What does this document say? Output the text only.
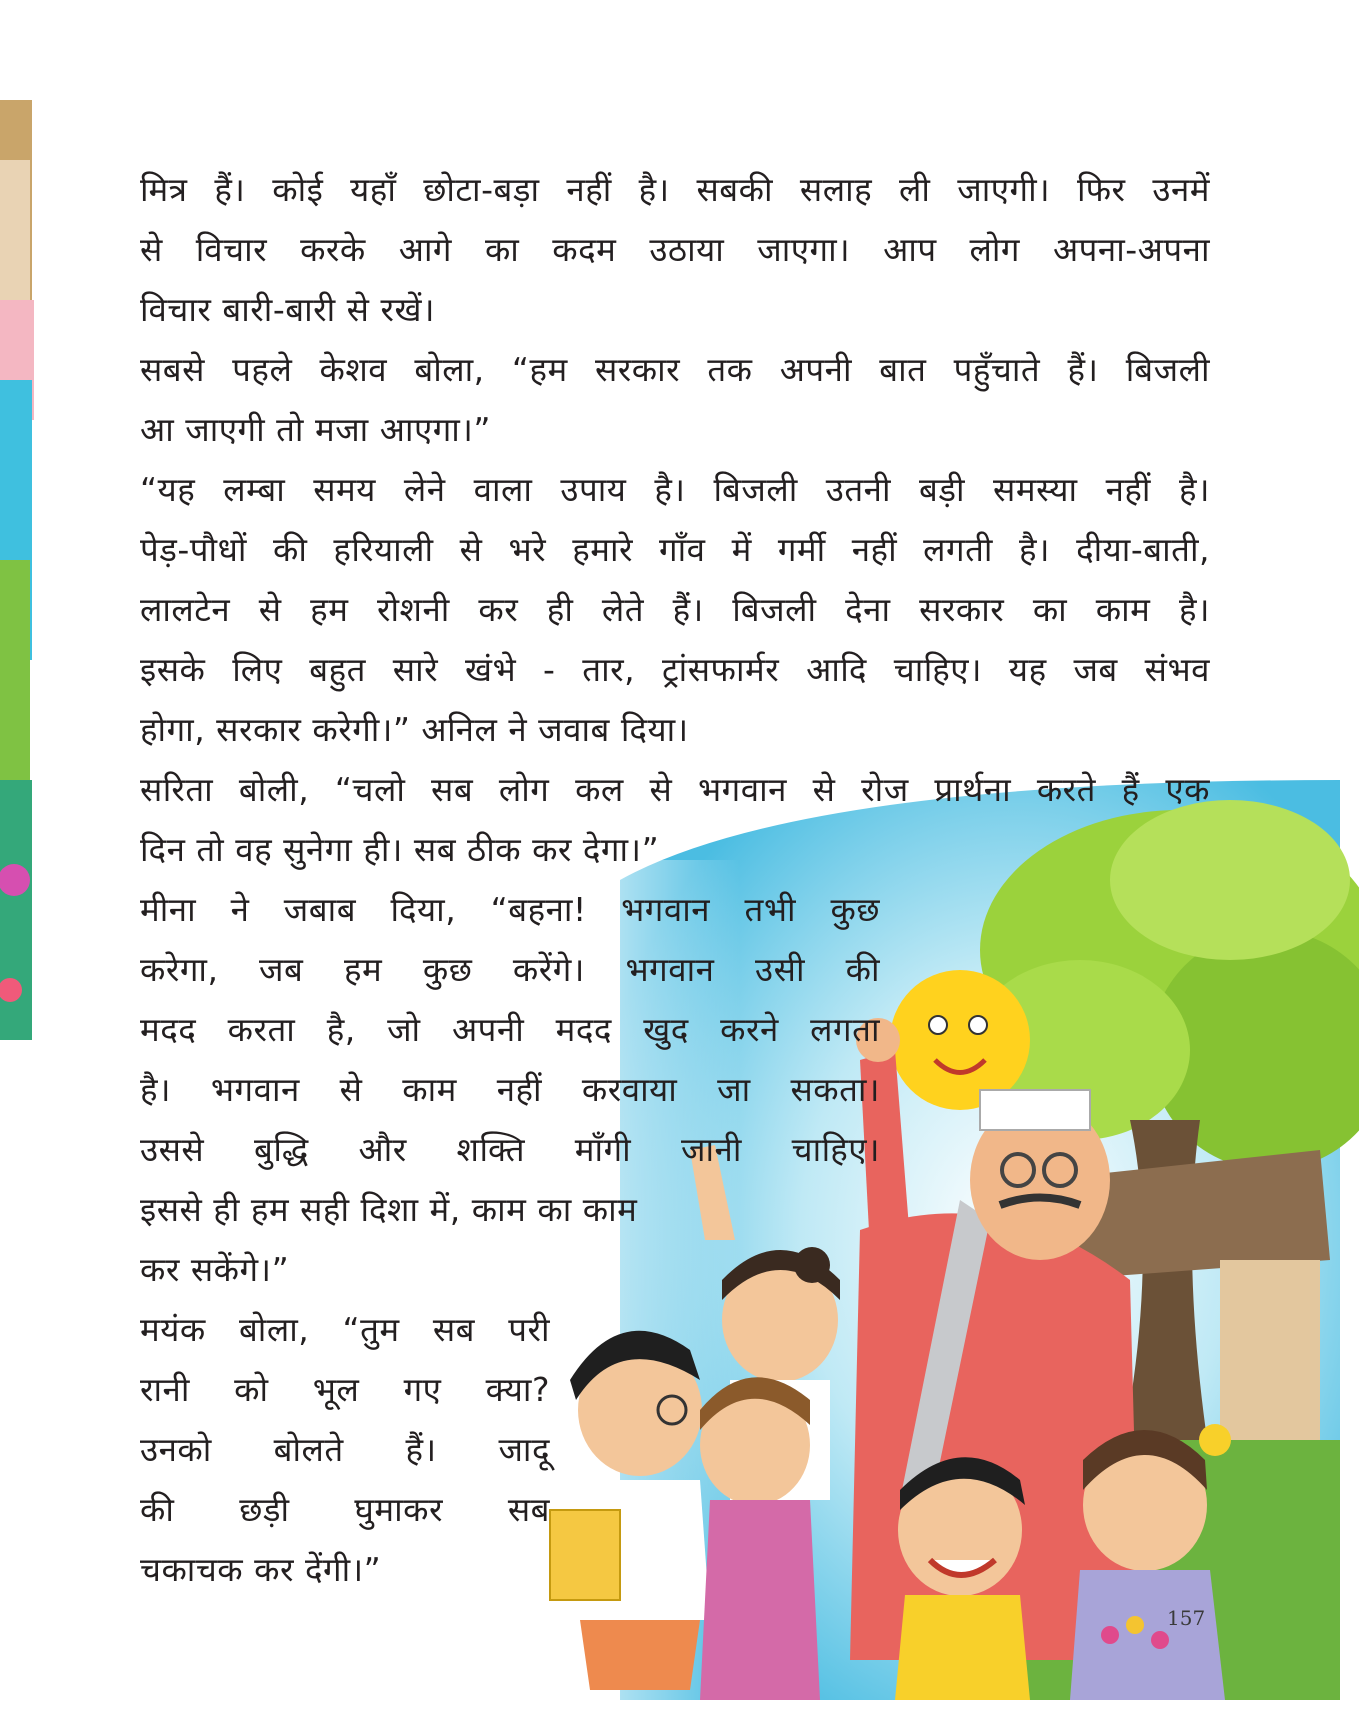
मित्र हैं। कोई यहाँ छोटा-बड़ा नहीं है। सबकी सलाह ली जाएगी। फिर उनमें
से विचार करके आगे का कदम उठाया जाएगा। आप लोग अपना-अपना
विचार बारी-बारी से रखें।
सबसे पहले केशव बोला, “हम सरकार तक अपनी बात पहुँचाते हैं। बिजली
आ जाएगी तो मजा आएगा।”
“यह लम्बा समय लेने वाला उपाय है। बिजली उतनी बड़ी समस्या नहीं है।
पेड़-पौधों की हरियाली से भरे हमारे गाँव में गर्मी नहीं लगती है। दीया-बाती,
लालटेन से हम रोशनी कर ही लेते हैं। बिजली देना सरकार का काम है।
इसके लिए बहुत सारे खंभे - तार, ट्रांसफार्मर आदि चाहिए। यह जब संभव
होगा, सरकार करेगी।” अनिल ने जवाब दिया।
सरिता बोली, “चलो सब लोग कल से भगवान से रोज प्रार्थना करते हैं एक
दिन तो वह सुनेगा ही। सब ठीक कर देगा।”
मीना ने जबाब दिया, “बहना! भगवान तभी कुछ
करेगा, जब हम कुछ करेंगे। भगवान उसी की
मदद करता है, जो अपनी मदद खुद करने लगता
है। भगवान से काम नहीं करवाया जा सकता।
उससे बुद्धि और शक्ति माँगी जानी चाहिए।
इससे ही हम सही दिशा में, काम का काम
कर सकेंगे।”
मयंक बोला, “तुम सब परी
रानी को भूल गए क्या?
उनको बोलते हैं। जादू
की छड़ी घुमाकर सब
चकाचक कर देंगी।”
157
